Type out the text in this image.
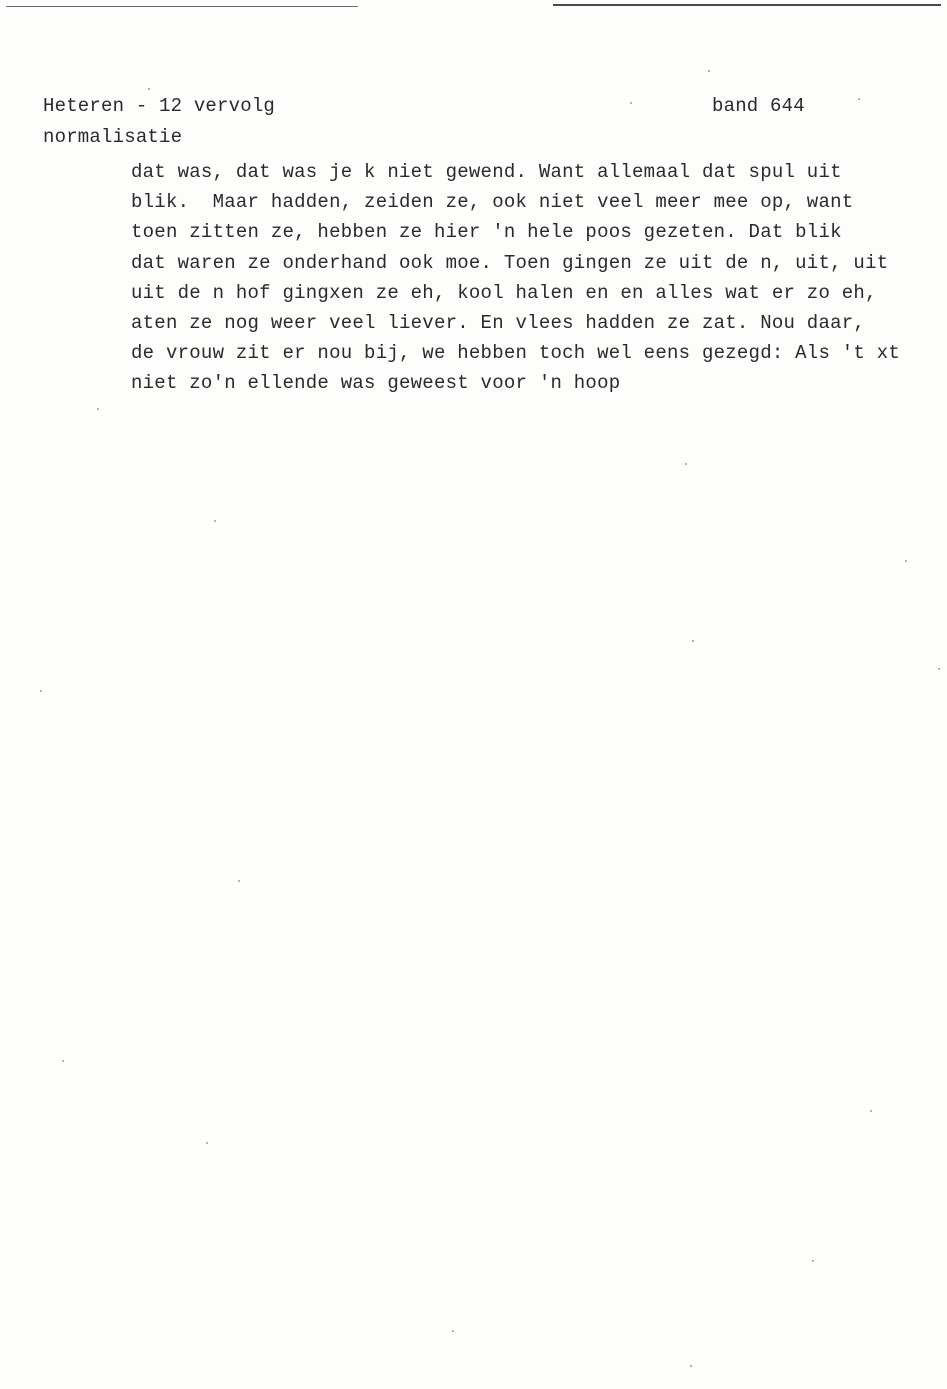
Heteren - 12 vervolg	band 644
normalisatie
dat was, dat was je k niet gewend. Want allemaal dat spul uit
blik.  Maar hadden, zeiden ze, ook niet veel meer mee op, want
toen zitten ze, hebben ze hier 'n hele poos gezeten. Dat blik
dat waren ze onderhand ook moe. Toen gingen ze uit de n, uit, uit
uit de n hof gingxen ze eh, kool halen en en alles wat er zo eh,
aten ze nog weer veel liever. En vlees hadden ze zat. Nou daar,
de vrouw zit er nou bij, we hebben toch wel eens gezegd: Als 't xt
niet zo'n ellende was geweest voor 'n hoop
